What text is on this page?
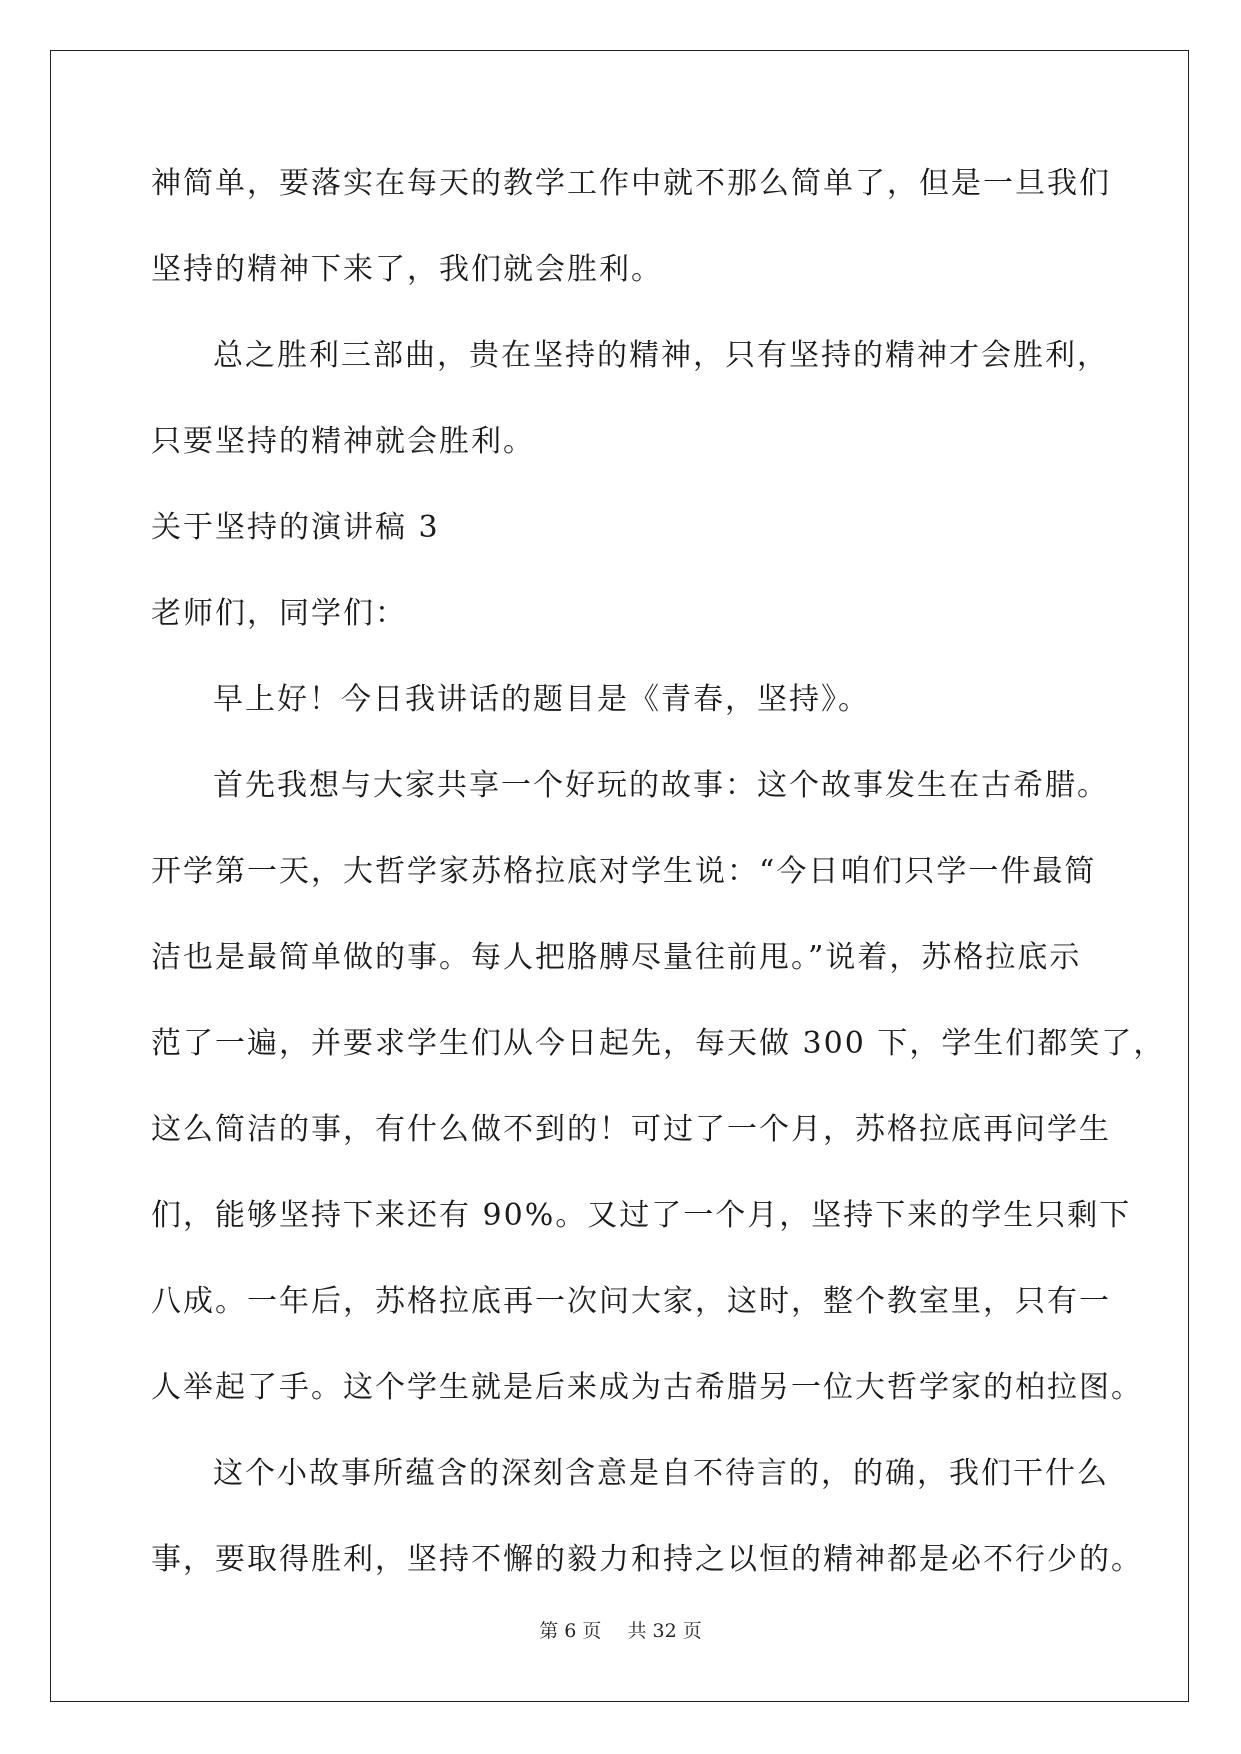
神简单，要落实在每天的教学工作中就不那么简单了，但是一旦我们
坚持的精神下来了，我们就会胜利。
总之胜利三部曲，贵在坚持的精神，只有坚持的精神才会胜利，
只要坚持的精神就会胜利。
关于坚持的演讲稿 3
老师们，同学们：
早上好！今日我讲话的题目是《青春，坚持》。
首先我想与大家共享一个好玩的故事：这个故事发生在古希腊。
开学第一天，大哲学家苏格拉底对学生说：“今日咱们只学一件最简
洁也是最简单做的事。每人把胳膊尽量往前甩。”说着，苏格拉底示
范了一遍，并要求学生们从今日起先，每天做 300 下，学生们都笑了，
这么简洁的事，有什么做不到的！可过了一个月，苏格拉底再问学生
们，能够坚持下来还有 90%。又过了一个月，坚持下来的学生只剩下
八成。一年后，苏格拉底再一次问大家，这时，整个教室里，只有一
人举起了手。这个学生就是后来成为古希腊另一位大哲学家的柏拉图。
这个小故事所蕴含的深刻含意是自不待言的，的确，我们干什么
事，要取得胜利，坚持不懈的毅力和持之以恒的精神都是必不行少的。
第 6 页 共 32 页
